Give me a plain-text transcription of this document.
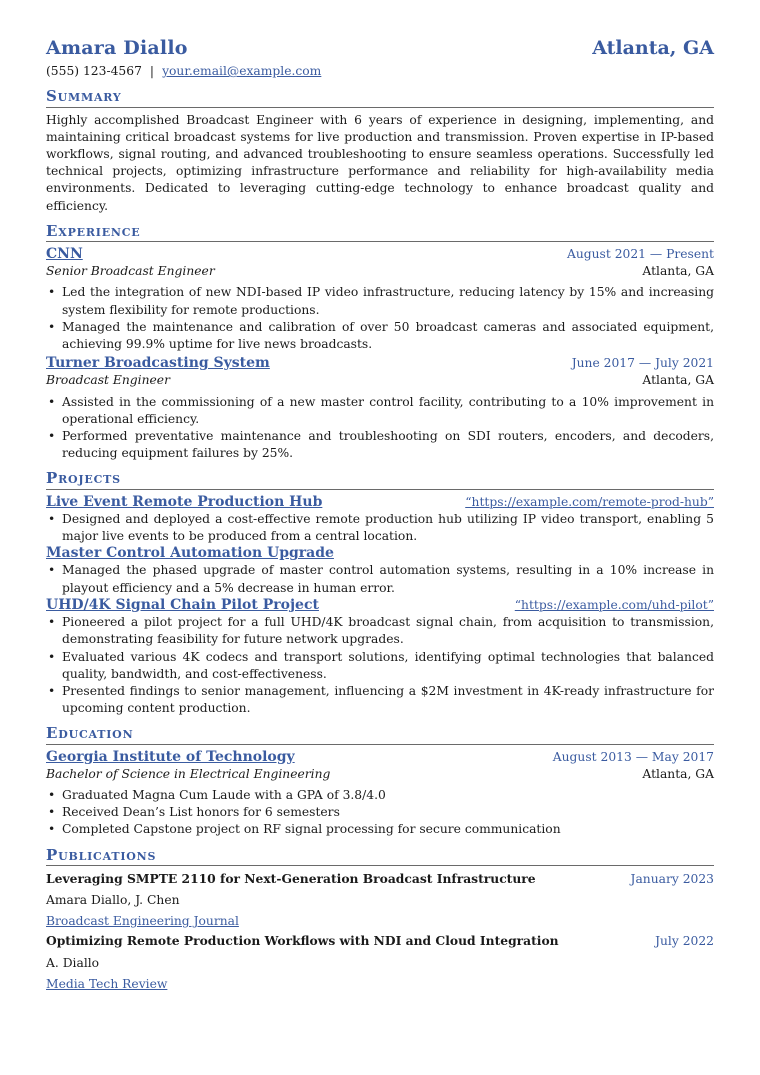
Amara Diallo	Atlanta, GA
(555) 123-4567 | your.email@example.com
Summary

Highly accomplished Broadcast Engineer with 6 years of experience in designing, implementing, and maintaining critical broadcast systems for live production and transmission. Proven expertise in IP-based workflows, signal routing, and advanced troubleshooting to ensure seamless operations. Successfully led technical projects, optimizing infrastructure performance and reliability for high-availability media environments. Dedicated to leveraging cutting-edge technology to enhance broadcast quality and efficiency.

Experience
CNN	August 2021 — Present
Senior Broadcast Engineer	Atlanta, GA
• Led the integration of new NDI-based IP video infrastructure, reducing latency by 15% and increasing system flexibility for remote productions.
• Managed the maintenance and calibration of over 50 broadcast cameras and associated equipment, achieving 99.9% uptime for live news broadcasts.
Turner Broadcasting System	June 2017 — July 2021
Broadcast Engineer	Atlanta, GA
• Assisted in the commissioning of a new master control facility, contributing to a 10% improvement in operational efficiency.
• Performed preventative maintenance and troubleshooting on SDI routers, encoders, and decoders, reducing equipment failures by 25%.
Projects
Live Event Remote Production Hub	“https://example.com/remote-prod-hub”
• Designed and deployed a cost-effective remote production hub utilizing IP video transport, enabling 5 major live events to be produced from a central location.
Master Control Automation Upgrade
• Managed the phased upgrade of master control automation systems, resulting in a 10% increase in playout efficiency and a 5% decrease in human error.
UHD/4K Signal Chain Pilot Project	“https://example.com/uhd-pilot”
• Pioneered a pilot project for a full UHD/4K broadcast signal chain, from acquisition to transmission, demonstrating feasibility for future network upgrades.
• Evaluated various 4K codecs and transport solutions, identifying optimal technologies that balanced quality, bandwidth, and cost-effectiveness.
• Presented findings to senior management, influencing a $2M investment in 4K-ready infrastructure for upcoming content production.
Education
Georgia Institute of Technology	August 2013 — May 2017
Bachelor of Science in Electrical Engineering	Atlanta, GA
• Graduated Magna Cum Laude with a GPA of 3.8/4.0
• Received Dean’s List honors for 6 semesters
• Completed Capstone project on RF signal processing for secure communication
Publications
Leveraging SMPTE 2110 for Next-Generation Broadcast Infrastructure	January 2023
Amara Diallo, J. Chen
Broadcast Engineering Journal
Optimizing Remote Production Workflows with NDI and Cloud Integration	July 2022
A. Diallo
Media Tech Review
